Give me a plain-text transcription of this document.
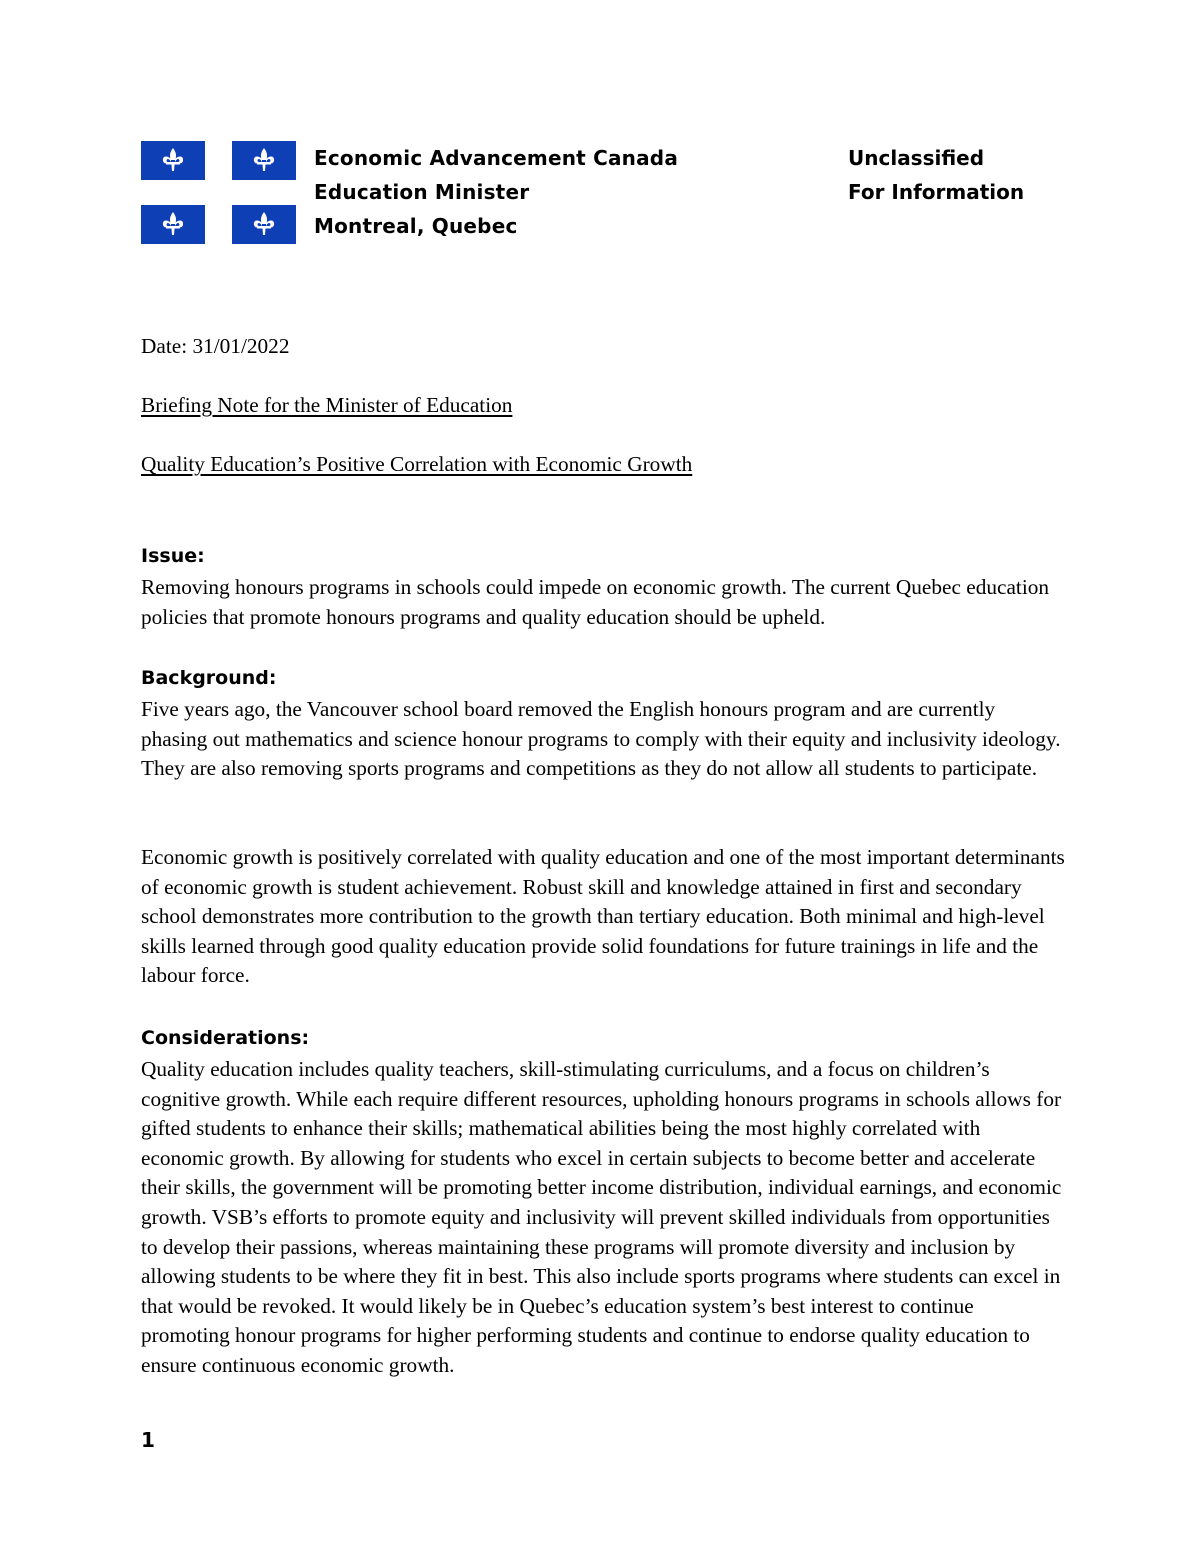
Economic Advancement Canada
Education Minister
Montreal, Quebec
Unclassified
For Information
Date: 31/01/2022
Briefing Note for the Minister of Education
Quality Education’s Positive Correlation with Economic Growth
Issue:
Removing honours programs in schools could impede on economic growth. The current Quebec education policies that promote honours programs and quality education should be upheld.
Background:
Five years ago, the Vancouver school board removed the English honours program and are currently phasing out mathematics and science honour programs to comply with their equity and inclusivity ideology. They are also removing sports programs and competitions as they do not allow all students to participate.
Economic growth is positively correlated with quality education and one of the most important determinants of economic growth is student achievement. Robust skill and knowledge attained in first and secondary school demonstrates more contribution to the growth than tertiary education. Both minimal and high-level skills learned through good quality education provide solid foundations for future trainings in life and the labour force.
Considerations:
Quality education includes quality teachers, skill-stimulating curriculums, and a focus on children’s cognitive growth. While each require different resources, upholding honours programs in schools allows for gifted students to enhance their skills; mathematical abilities being the most highly correlated with economic growth. By allowing for students who excel in certain subjects to become better and accelerate their skills, the government will be promoting better income distribution, individual earnings, and economic growth. VSB’s efforts to promote equity and inclusivity will prevent skilled individuals from opportunities to develop their passions, whereas maintaining these programs will promote diversity and inclusion by allowing students to be where they fit in best. This also include sports programs where students can excel in that would be revoked. It would likely be in Quebec’s education system’s best interest to continue promoting honour programs for higher performing students and continue to endorse quality education to ensure continuous economic growth.
1
